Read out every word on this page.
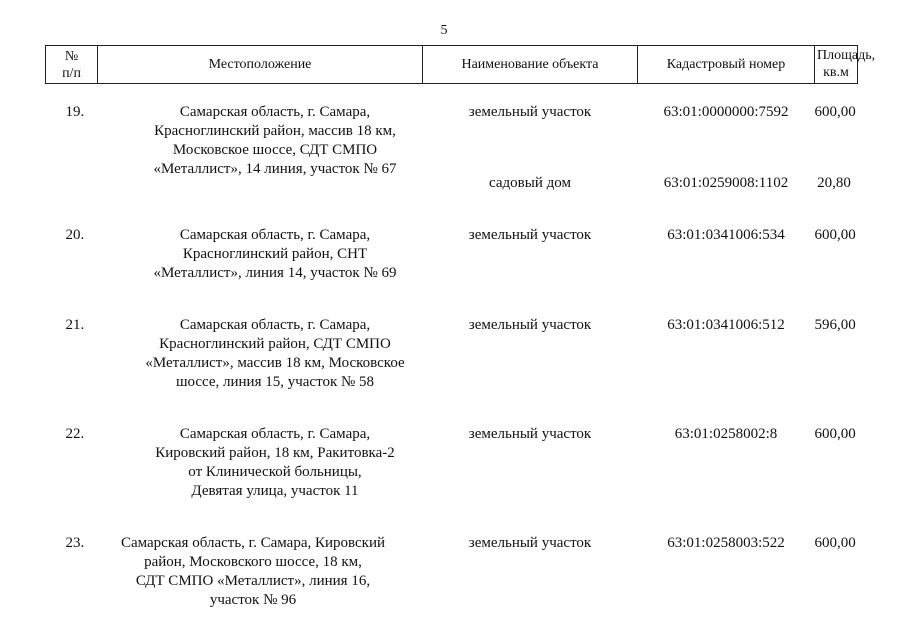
5
№
п/п	Местоположение	Наименование объекта	Кадастровый номер	Площадь,
кв.м

19.	Самарская область, г. Самара,
Красноглинский район, массив 18 км,
Московское шоссе, СДТ СМПО
«Металлист», 14 линия, участок № 67	земельный участок	63:01:0000000:7592	600,00

		садовый дом	63:01:0259008:1102	20,80

20.	Самарская область, г. Самара,
Красноглинский район, СНТ
«Металлист», линия 14, участок № 69	земельный участок	63:01:0341006:534	600,00

21.	Самарская область, г. Самара,
Красноглинский район, СДТ СМПО
«Металлист», массив 18 км, Московское
шоссе, линия 15, участок № 58	земельный участок	63:01:0341006:512	596,00

22.	Самарская область, г. Самара,
Кировский район, 18 км, Ракитовка-2
от Клинической больницы,
Девятая улица, участок 11	земельный участок	63:01:0258002:8	600,00

23.	Самарская область, г. Самара, Кировский
район, Московского шоссе, 18 км,
СДТ СМПО «Металлист», линия 16,
участок № 96	земельный участок	63:01:0258003:522	600,00
